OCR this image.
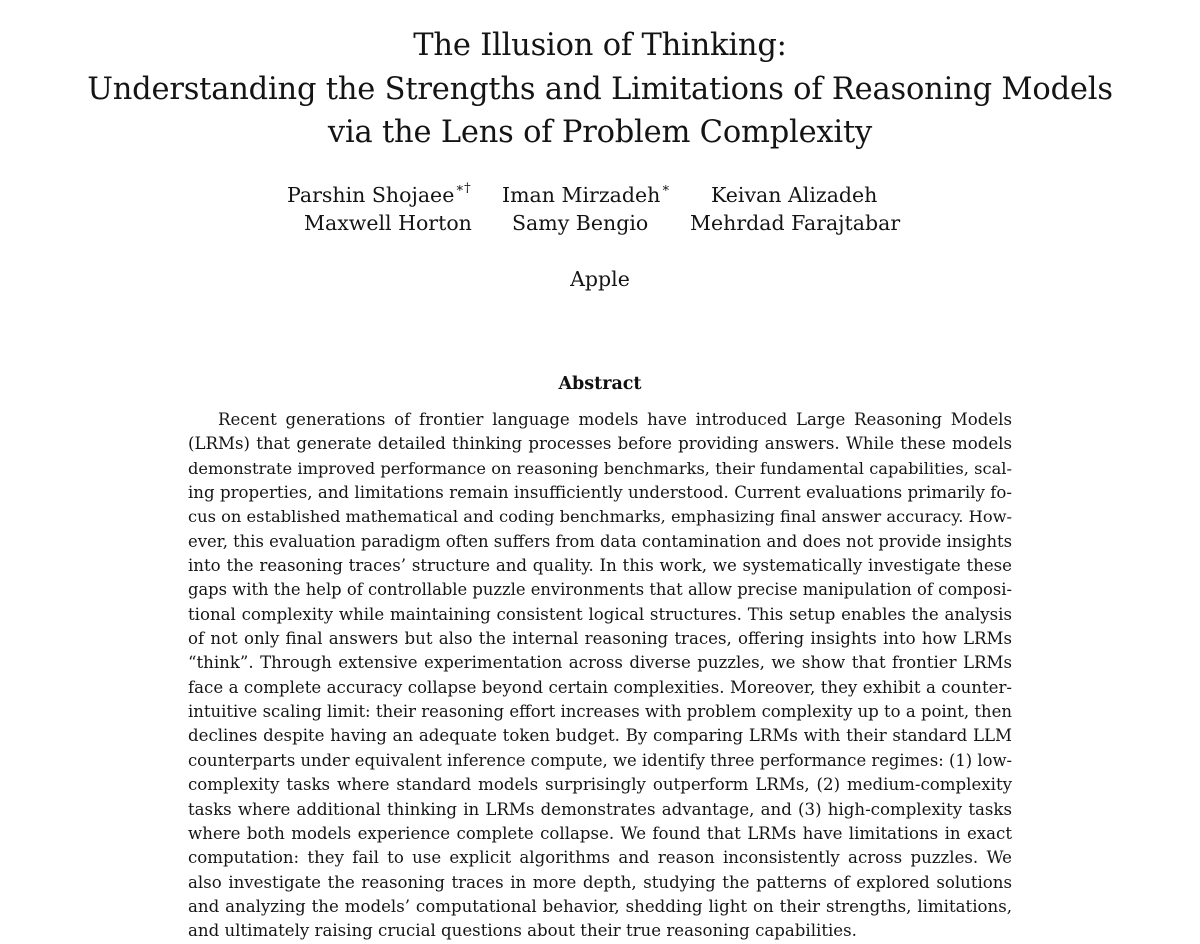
The Illusion of Thinking:
Understanding the Strengths and Limitations of Reasoning Models
via the Lens of Problem Complexity
Parshin Shojaee∗† Iman Mirzadeh∗ Keivan Alizadeh
Maxwell Horton Samy Bengio Mehrdad Farajtabar
Apple
Abstract
Recent generations of frontier language models have introduced Large Reasoning Models
(LRMs) that generate detailed thinking processes before providing answers. While these models
demonstrate improved performance on reasoning benchmarks, their fundamental capabilities, scal-
ing properties, and limitations remain insufficiently understood. Current evaluations primarily fo-
cus on established mathematical and coding benchmarks, emphasizing final answer accuracy. How-
ever, this evaluation paradigm often suffers from data contamination and does not provide insights
into the reasoning traces’ structure and quality. In this work, we systematically investigate these
gaps with the help of controllable puzzle environments that allow precise manipulation of composi-
tional complexity while maintaining consistent logical structures. This setup enables the analysis
of not only final answers but also the internal reasoning traces, offering insights into how LRMs
“think”. Through extensive experimentation across diverse puzzles, we show that frontier LRMs
face a complete accuracy collapse beyond certain complexities. Moreover, they exhibit a counter-
intuitive scaling limit: their reasoning effort increases with problem complexity up to a point, then
declines despite having an adequate token budget. By comparing LRMs with their standard LLM
counterparts under equivalent inference compute, we identify three performance regimes: (1) low-
complexity tasks where standard models surprisingly outperform LRMs, (2) medium-complexity
tasks where additional thinking in LRMs demonstrates advantage, and (3) high-complexity tasks
where both models experience complete collapse. We found that LRMs have limitations in exact
computation: they fail to use explicit algorithms and reason inconsistently across puzzles. We
also investigate the reasoning traces in more depth, studying the patterns of explored solutions
and analyzing the models’ computational behavior, shedding light on their strengths, limitations,
and ultimately raising crucial questions about their true reasoning capabilities.
